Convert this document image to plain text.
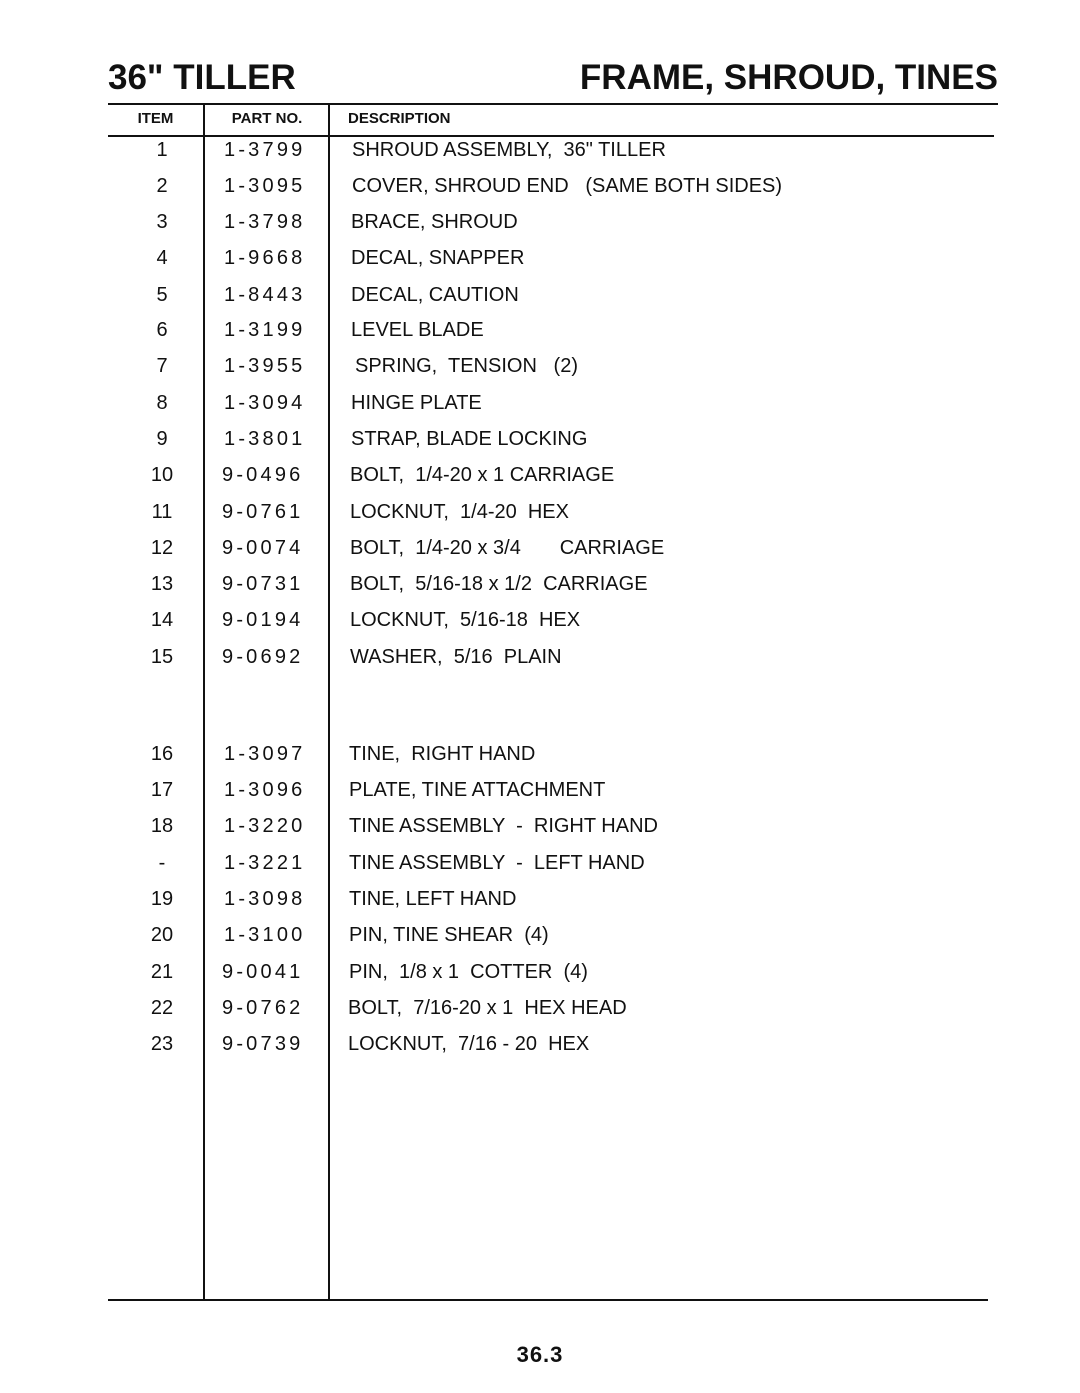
36" TILLER	FRAME, SHROUD, TINES
ITEM	PART NO.	DESCRIPTION
1	1-3799 SHROUD ASSEMBLY,  36" TILLER
2	1-3095 COVER, SHROUD END   (SAME BOTH SIDES)
3	1-3798 BRACE, SHROUD
4	1-9668 DECAL, SNAPPER
5	1-8443 DECAL, CAUTION
6	1-3199 LEVEL BLADE
7	1-3955 SPRING,  TENSION   (2)
8	1-3094 HINGE PLATE
9	1-3801 STRAP, BLADE LOCKING
10	9-0496 BOLT,  1/4-20 x 1 CARRIAGE
11	9-0761 LOCKNUT,  1/4-20  HEX
12	9-0074 BOLT,  1/4-20 x 3/4       CARRIAGE
13	9-0731 BOLT,  5/16-18 x 1/2  CARRIAGE
14	9-0194 LOCKNUT,  5/16-18  HEX
15	9-0692 WASHER,  5/16  PLAIN
16	1-3097 TINE,  RIGHT HAND
17	1-3096 PLATE, TINE ATTACHMENT
18	1-3220 TINE ASSEMBLY  -  RIGHT HAND
-	1-3221 TINE ASSEMBLY  -  LEFT HAND
19	1-3098 TINE, LEFT HAND
20	1-3100 PIN, TINE SHEAR  (4)
21	9-0041 PIN,  1/8 x 1  COTTER  (4)
22	9-0762 BOLT,  7/16-20 x 1  HEX HEAD
23	9-0739 LOCKNUT,  7/16 - 20  HEX
36.3
